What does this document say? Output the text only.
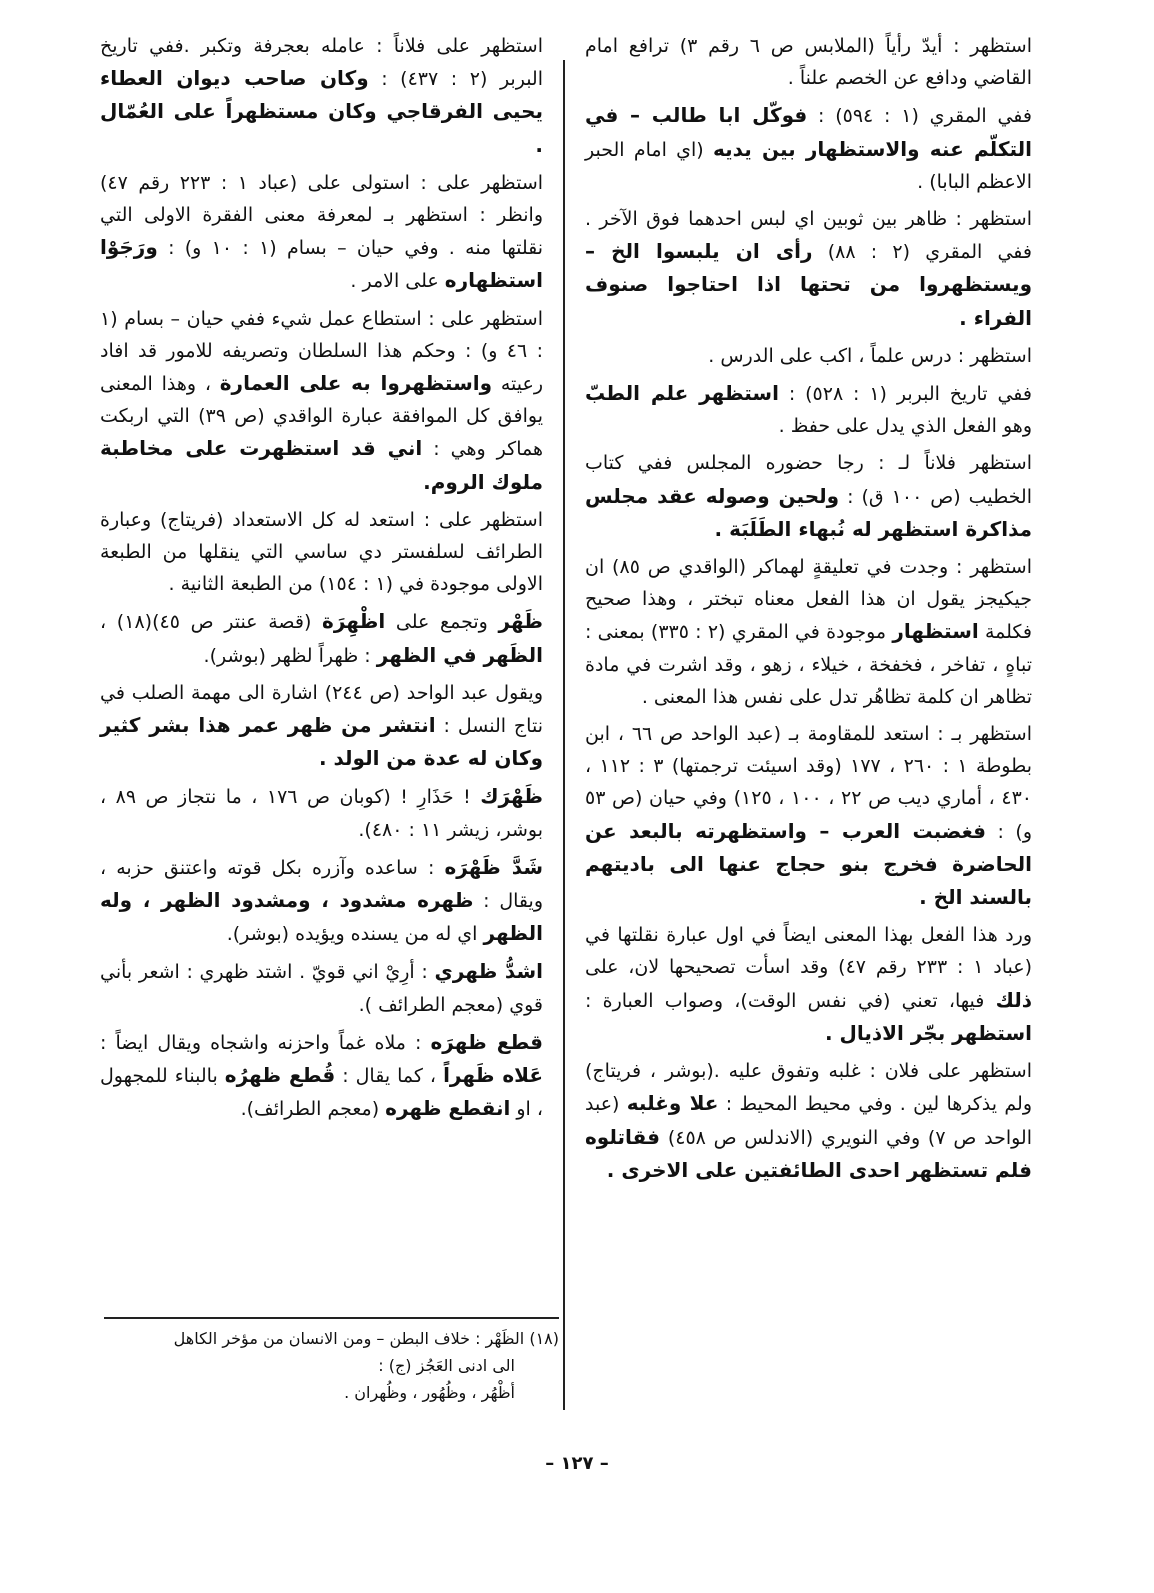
استظهر : أيدّ رأياً (الملابس ص ٦ رقم ٣) ترافع امام القاضي ودافع عن الخصم علناً .
ففي المقري (١ : ٥٩٤) : فوكّل ابا طالب – في التكلّم عنه والاستظهار بين يديه (اي امام الحبر الاعظم البابا) .
استظهر : ظاهر بين ثوبين اي لبس احدهما فوق الآخر . ففي المقري (٢ : ٨٨) رأى ان يلبسوا الخ – ويستظهروا من تحتها اذا احتاجوا صنوف الفراء .
استظهر : درس علماً ، اكب على الدرس .
ففي تاريخ البربر (١ : ٥٢٨) : استظهر علم الطبّ وهو الفعل الذي يدل على حفظ .
استظهر فلاناً لـ : رجا حضوره المجلس ففي كتاب الخطيب (ص ١٠٠ ق) : ولحين وصوله عقد مجلس مذاكرة استظهر له نُبهاء الطَلَبَة .
استظهر : وجدت في تعليقةٍ لهماكر (الواقدي ص ٨٥) ان جيكيجز يقول ان هذا الفعل معناه تبختر ، وهذا صحيح فكلمة استظهار موجودة في المقري (٢ : ٣٣٥) بمعنى : تباهٍ ، تفاخر ، فخفخة ، خيلاء ، زهو ، وقد اشرت في مادة تظاهر ان كلمة تظاهُر تدل على نفس هذا المعنى .
استظهر بـ : استعد للمقاومة بـ (عبد الواحد ص ٦٦ ، ابن بطوطة ١ : ٢٦٠ ، ١٧٧ (وقد اسيئت ترجمتها) ٣ : ١١٢ ، ٤٣٠ ، أماري ديب ص ٢٢ ، ١٠٠ ، ١٢٥) وفي حيان (ص ٥٣ و) : فغضبت العرب – واستظهرته بالبعد عن الحاضرة فخرج بنو حجاج عنها الى باديتهم بالسند الخ .
ورد هذا الفعل بهذا المعنى ايضاً في اول عبارة نقلتها في (عباد ١ : ٢٣٣ رقم ٤٧) وقد اسأت تصحيحها لان، على ذلك فيها، تعني (في نفس الوقت)، وصواب العبارة : استظهر بجّر الاذيال .
استظهر على فلان : غلبه وتفوق عليه .(بوشر ، فريتاج) ولم يذكرها لين . وفي محيط المحيط : علا وغلبه (عبد الواحد ص ٧) وفي النويري (الاندلس ص ٤٥٨) فقاتلوه فلم تستظهر احدى الطائفتين على الاخرى .
استظهر على فلاناً : عامله بعجرفة وتكبر .ففي تاريخ البربر (٢ : ٤٣٧) : وكان صاحب ديوان العطاء يحيى الفرقاجي وكان مستظهراً على العُمّال .
استظهر على : استولى على (عباد ١ : ٢٢٣ رقم ٤٧) وانظر : استظهر بـ لمعرفة معنى الفقرة الاولى التي نقلتها منه . وفي حيان – بسام (١ : ١٠ و) : ورَجَوْا استظهاره على الامر .
استظهر على : استطاع عمل شيء ففي حيان – بسام (١ : ٤٦ و) : وحكم هذا السلطان وتصريفه للامور قد افاد رعيته واستظهروا به على العمارة ، وهذا المعنى يوافق كل الموافقة عبارة الواقدي (ص ٣٩) التي اربكت هماكر وهي : اني قد استظهرت على مخاطبة ملوك الروم.
استظهر على : استعد له كل الاستعداد (فريتاج) وعبارة الطرائف لسلفستر دي ساسي التي ينقلها من الطبعة الاولى موجودة في (١ : ١٥٤) من الطبعة الثانية .
ظَهْر وتجمع على اظْهِرَة (قصة عنتر ص ٤٥)(١٨) ، الظَهر في الظهر : ظهراً لظهر (بوشر).
ويقول عبد الواحد (ص ٢٤٤) اشارة الى مهمة الصلب في نتاج النسل : انتشر من ظهر عمر هذا بشر كثير وكان له عدة من الولد .
ظَهْرَك ! حَذَارِ ! (كوبان ص ١٧٦ ، ما نتجاز ص ٨٩ ، بوشر، زيشر ١١ : ٤٨٠).
شَدَّ ظَهْرَه : ساعده وآزره بكل قوته واعتنق حزبه ، ويقال : ظهره مشدود ، ومشدود الظهر ، وله الظهر اي له من يسنده ويؤيده (بوشر).
اشدُّ ظهري : أرِيْ اني قويّ . اشتد ظهري : اشعر بأني قوي (معجم الطرائف ).
قطع ظهرَه : ملاه غماً واحزنه واشجاه ويقال ايضاً : عَلاه ظَهراً ، كما يقال : قُطع ظهرُه بالبناء للمجهول ، او انقطع ظهره (معجم الطرائف).
(١٨) الظَهْر : خلاف البطن – ومن الانسان من مؤخر الكاهل
الى ادنى العَجُز (ج) :
أظْهُر ، وظُهُور ، وظُهران .
– ١٢٧ –
